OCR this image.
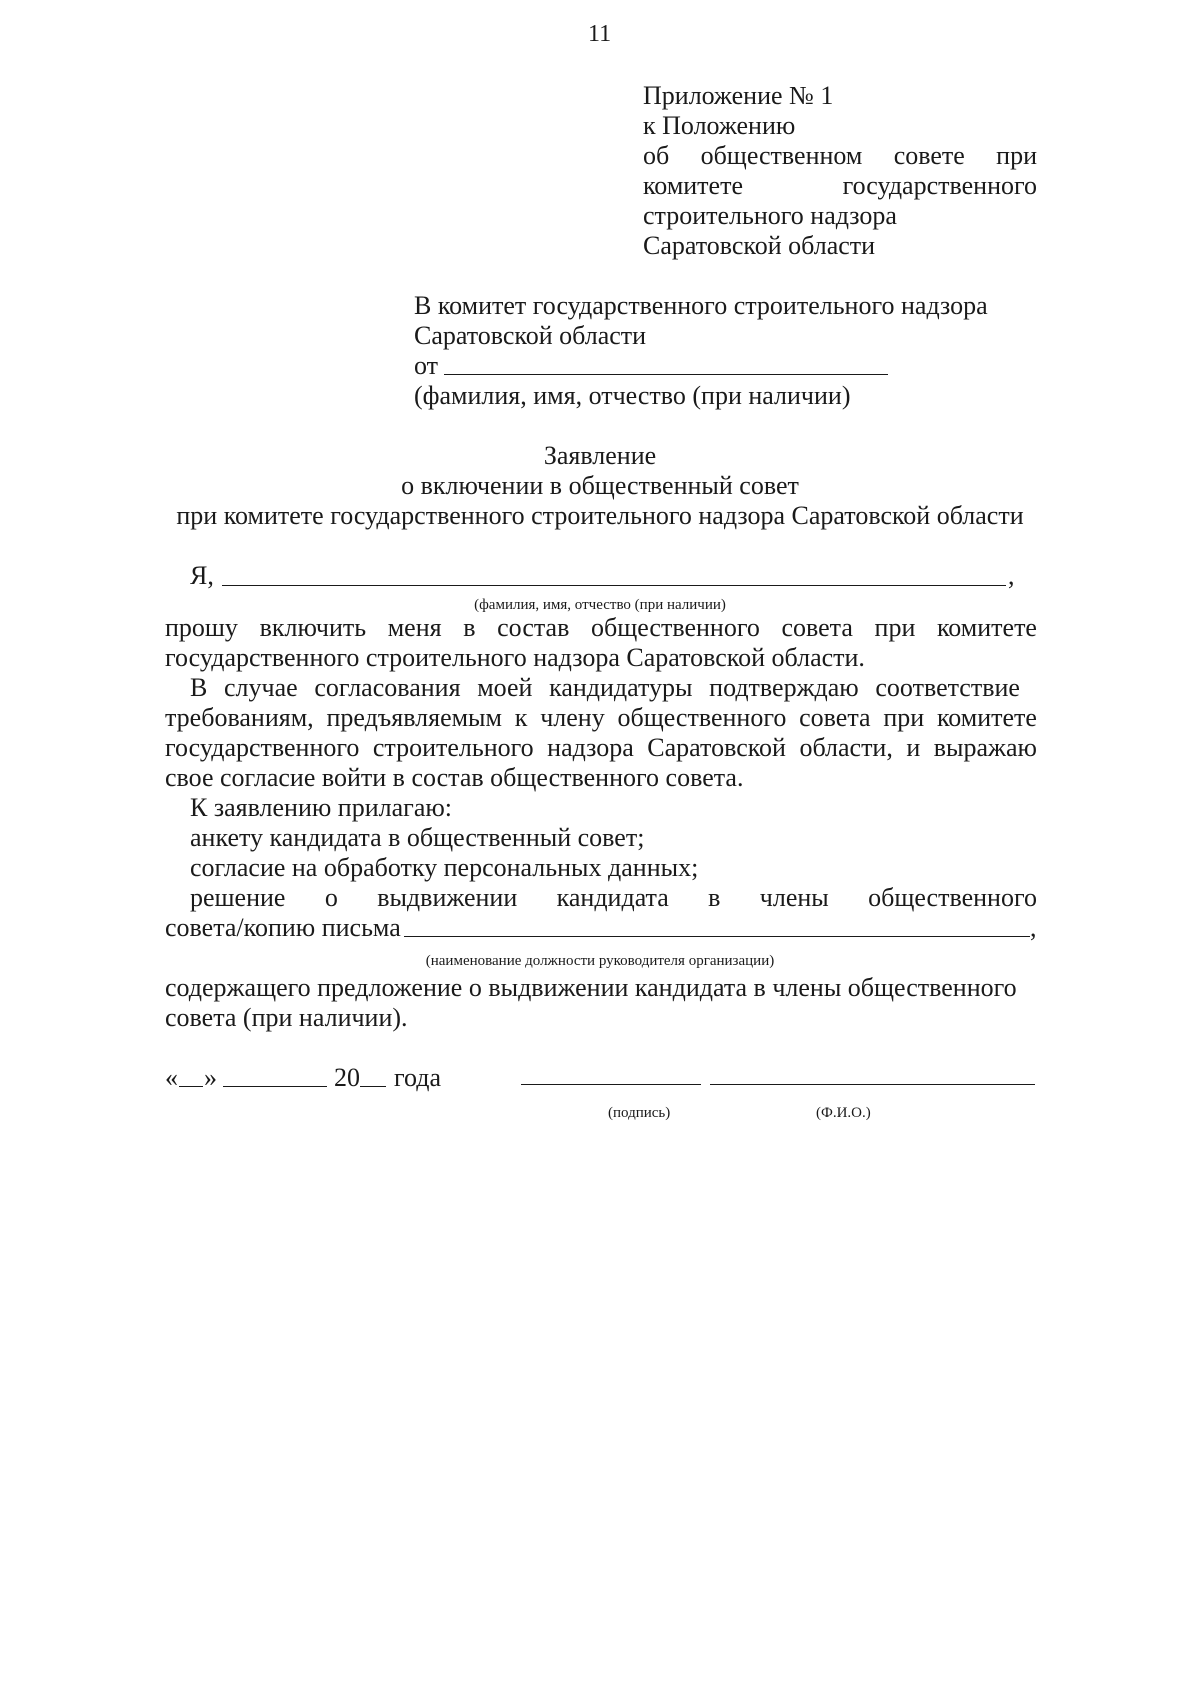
11
Приложение № 1
к Положению
об общественном совете при
комитете	государственного
строительного надзора
Саратовской области
В комитет государственного строительного надзора
Саратовской области
от
(фамилия, имя, отчество (при наличии)
Заявление
о включении в общественный совет
при комитете государственного строительного надзора Саратовской области
Я,	,
(фамилия, имя, отчество (при наличии)
прошу включить меня в состав общественного совета при комитете
государственного строительного надзора Саратовской области.
В случае согласования моей кандидатуры подтверждаю соответствие
требованиям, предъявляемым к члену общественного совета при комитете
государственного строительного надзора Саратовской области, и выражаю
свое согласие войти в состав общественного совета.
К заявлению прилагаю:
анкету кандидата в общественный совет;
согласие на обработку персональных данных;
решение о выдвижении кандидата в члены общественного
совета/копию письма	,
(наименование должности руководителя организации)
содержащего предложение о выдвижении кандидата в члены общественного
совета (при наличии).
« »	20 года
(подпись)	(Ф.И.О.)
